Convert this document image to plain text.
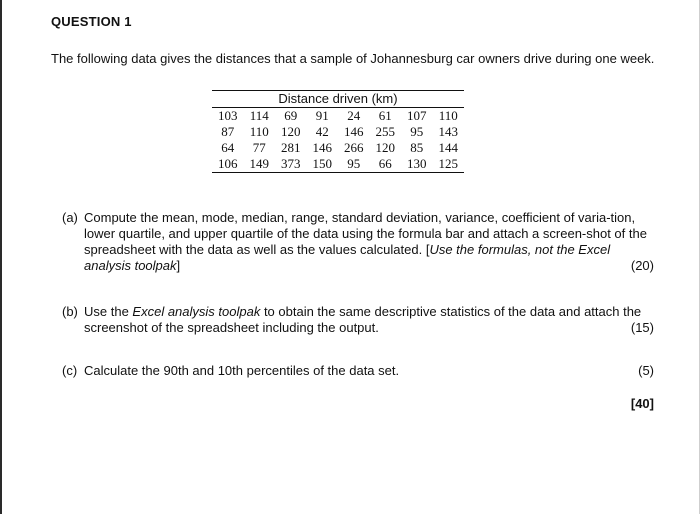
QUESTION 1
The following data gives the distances that a sample of Johannesburg car owners drive during one week.
Distance driven (km)							
103	114	69	91	24	61	107	110
87	110	120	42	146	255	95	143
64	77	281	146	266	120	85	144
106	149	373	150	95	66	130	125
(a) Compute the mean, mode, median, range, standard deviation, variance, coefficient of varia-tion, lower quartile, and upper quartile of the data using the formula bar and attach a screen-shot of the spreadsheet with the data as well as the values calculated. [Use the formulas, not the Excel analysis toolpak]	(20)
(b) Use the Excel analysis toolpak to obtain the same descriptive statistics of the data and attach the screenshot of the spreadsheet including the output.	(15)
(c) Calculate the 90th and 10th percentiles of the data set.	(5)
[40]
